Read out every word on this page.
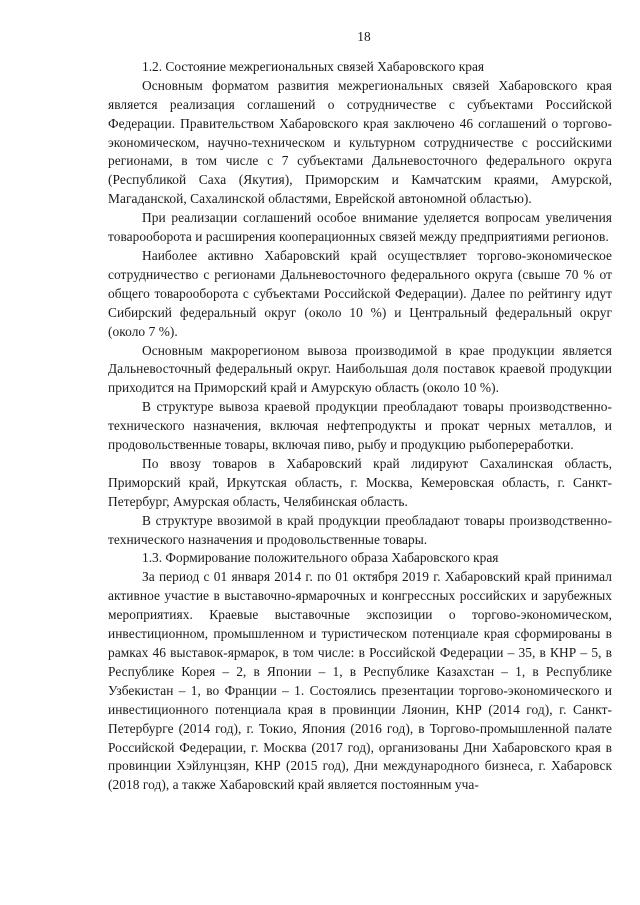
18

1.2. Состояние межрегиональных связей Хабаровского края

Основным форматом развития межрегиональных связей Хабаровского края является реализация соглашений о сотрудничестве с субъектами Российской Федерации. Правительством Хабаровского края заключено 46 соглашений о торгово-экономическом, научно-техническом и культурном сотрудничестве с российскими регионами, в том числе с 7 субъектами Дальневосточного федерального округа (Республикой Саха (Якутия), Приморским и Камчатским краями, Амурской, Магаданской, Сахалинской областями, Еврейской автономной областью).

При реализации соглашений особое внимание уделяется вопросам увеличения товарооборота и расширения кооперационных связей между предприятиями регионов.

Наиболее активно Хабаровский край осуществляет торгово-экономическое сотрудничество с регионами Дальневосточного федерального округа (свыше 70 % от общего товарооборота с субъектами Российской Федерации). Далее по рейтингу идут Сибирский федеральный округ (около 10 %) и Центральный федеральный округ (около 7 %).

Основным макрорегионом вывоза производимой в крае продукции является Дальневосточный федеральный округ. Наибольшая доля поставок краевой продукции приходится на Приморский край и Амурскую область (около 10 %).

В структуре вывоза краевой продукции преобладают товары производственно-технического назначения, включая нефтепродукты и прокат черных металлов, и продовольственные товары, включая пиво, рыбу и продукцию рыбопереработки.

По ввозу товаров в Хабаровский край лидируют Сахалинская область, Приморский край, Иркутская область, г. Москва, Кемеровская область, г. Санкт-Петербург, Амурская область, Челябинская область.

В структуре ввозимой в край продукции преобладают товары производственно-технического назначения и продовольственные товары.

1.3. Формирование положительного образа Хабаровского края

За период с 01 января 2014 г. по 01 октября 2019 г. Хабаровский край принимал активное участие в выставочно-ярмарочных и конгрессных российских и зарубежных мероприятиях. Краевые выставочные экспозиции о торгово-экономическом, инвестиционном, промышленном и туристическом потенциале края сформированы в рамках 46 выставок-ярмарок, в том числе: в Российской Федерации – 35, в КНР – 5, в Республике Корея – 2, в Японии – 1, в Республике Казахстан – 1, в Республике Узбекистан – 1, во Франции – 1. Состоялись презентации торгово-экономического и инвестиционного потенциала края в провинции Ляонин, КНР (2014 год), г. Санкт-Петербурге (2014 год), г. Токио, Япония (2016 год), в Торгово-промышленной палате Российской Федерации, г. Москва (2017 год), организованы Дни Хабаровского края в провинции Хэйлунцзян, КНР (2015 год), Дни международного бизнеса, г. Хабаровск (2018 год), а также Хабаровский край является постоянным уча-
